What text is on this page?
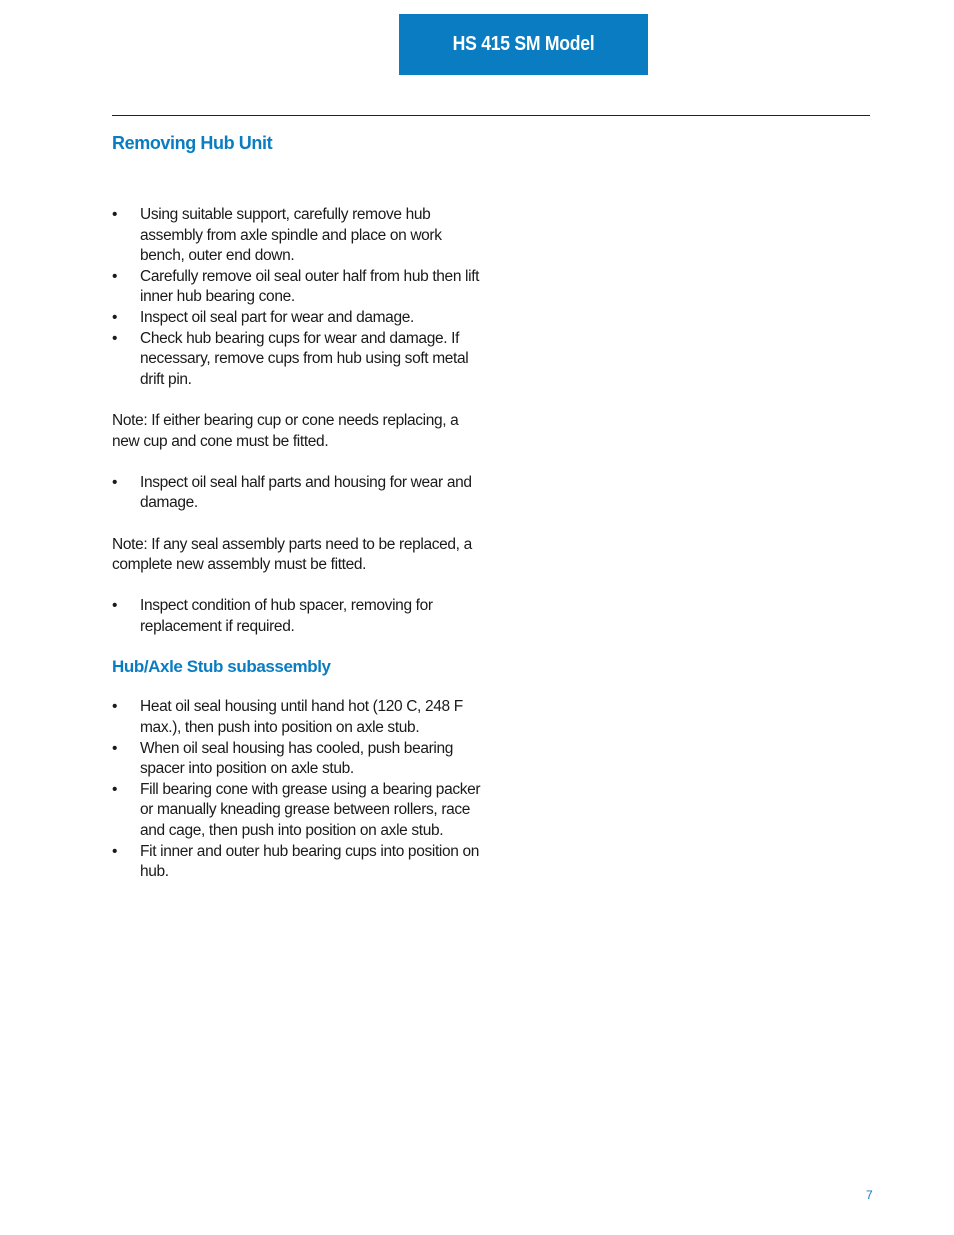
HS 415 SM Model
Removing Hub Unit
• Using suitable support, carefully remove hub assembly from axle spindle and place on work bench, outer end down.
• Carefully remove oil seal outer half from hub then lift inner hub bearing cone.
• Inspect oil seal part for wear and damage.
• Check hub bearing cups for wear and damage. If necessary, remove cups from hub using soft metal drift pin.

Note: If either bearing cup or cone needs replacing, a new cup and cone must be fitted.

• Inspect oil seal half parts and housing for wear and damage.

Note: If any seal assembly parts need to be replaced, a complete new assembly must be fitted.

• Inspect condition of hub spacer, removing for replacement if required.
Hub/Axle Stub subassembly
• Heat oil seal housing until hand hot (120 C, 248 F max.), then push into position on axle stub.
• When oil seal housing has cooled, push bearing spacer into position on axle stub.
• Fill bearing cone with grease using a bearing packer or manually kneading grease between rollers, race and cage, then push into position on axle stub.
• Fit inner and outer hub bearing cups into position on hub.
7
